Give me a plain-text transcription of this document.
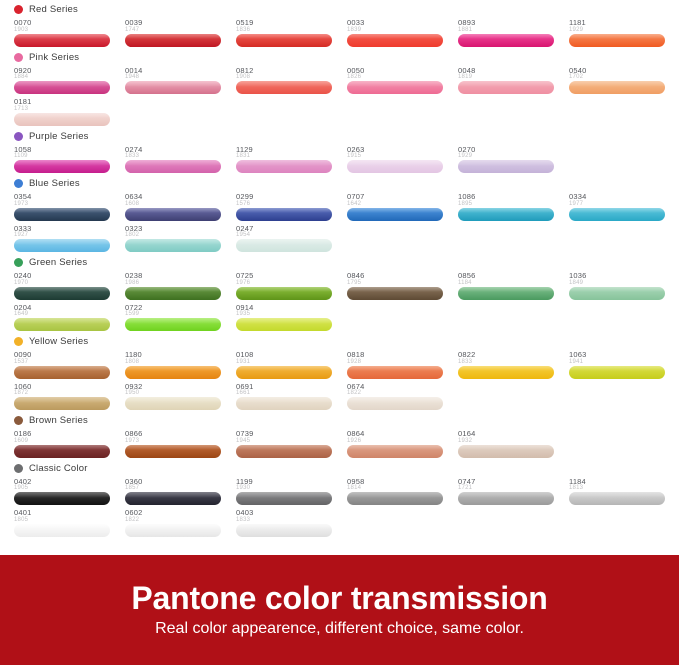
Red Series
0070
1903
0039
1747
0519
1836
0033
1839
0893
1881
1181
1929
Pink Series
0920
1884
0014
1948
0812
1908
0050
1826
0048
1819
0540
1702
0181
1713
Purple Series
1058
1109
0274
1833
1129
1831
0263
1915
0270
1929
Blue Series
0354
1973
0634
1608
0299
1576
0707
1642
1086
1895
0334
1977
0333
1927
0323
1802
0247
1954
Green Series
0240
1970
0238
1986
0725
1976
0846
1795
0856
1184
1036
1849
0204
1649
0722
1599
0914
1935
Yellow Series
0090
1537
1180
1808
0108
1931
0818
1928
0822
1833
1063
1941
1060
1872
0932
1950
0691
1661
0674
1822
Brown Series
0186
1609
0866
1973
0739
1945
0864
1926
0164
1932
Classic Color
0402
1905
0360
1857
1199
1930
0958
1814
0747
1721
1184
1813
0401
1805
0602
1822
0403
1833
Pantone color transmission
Real color appearence, different choice, same color.
